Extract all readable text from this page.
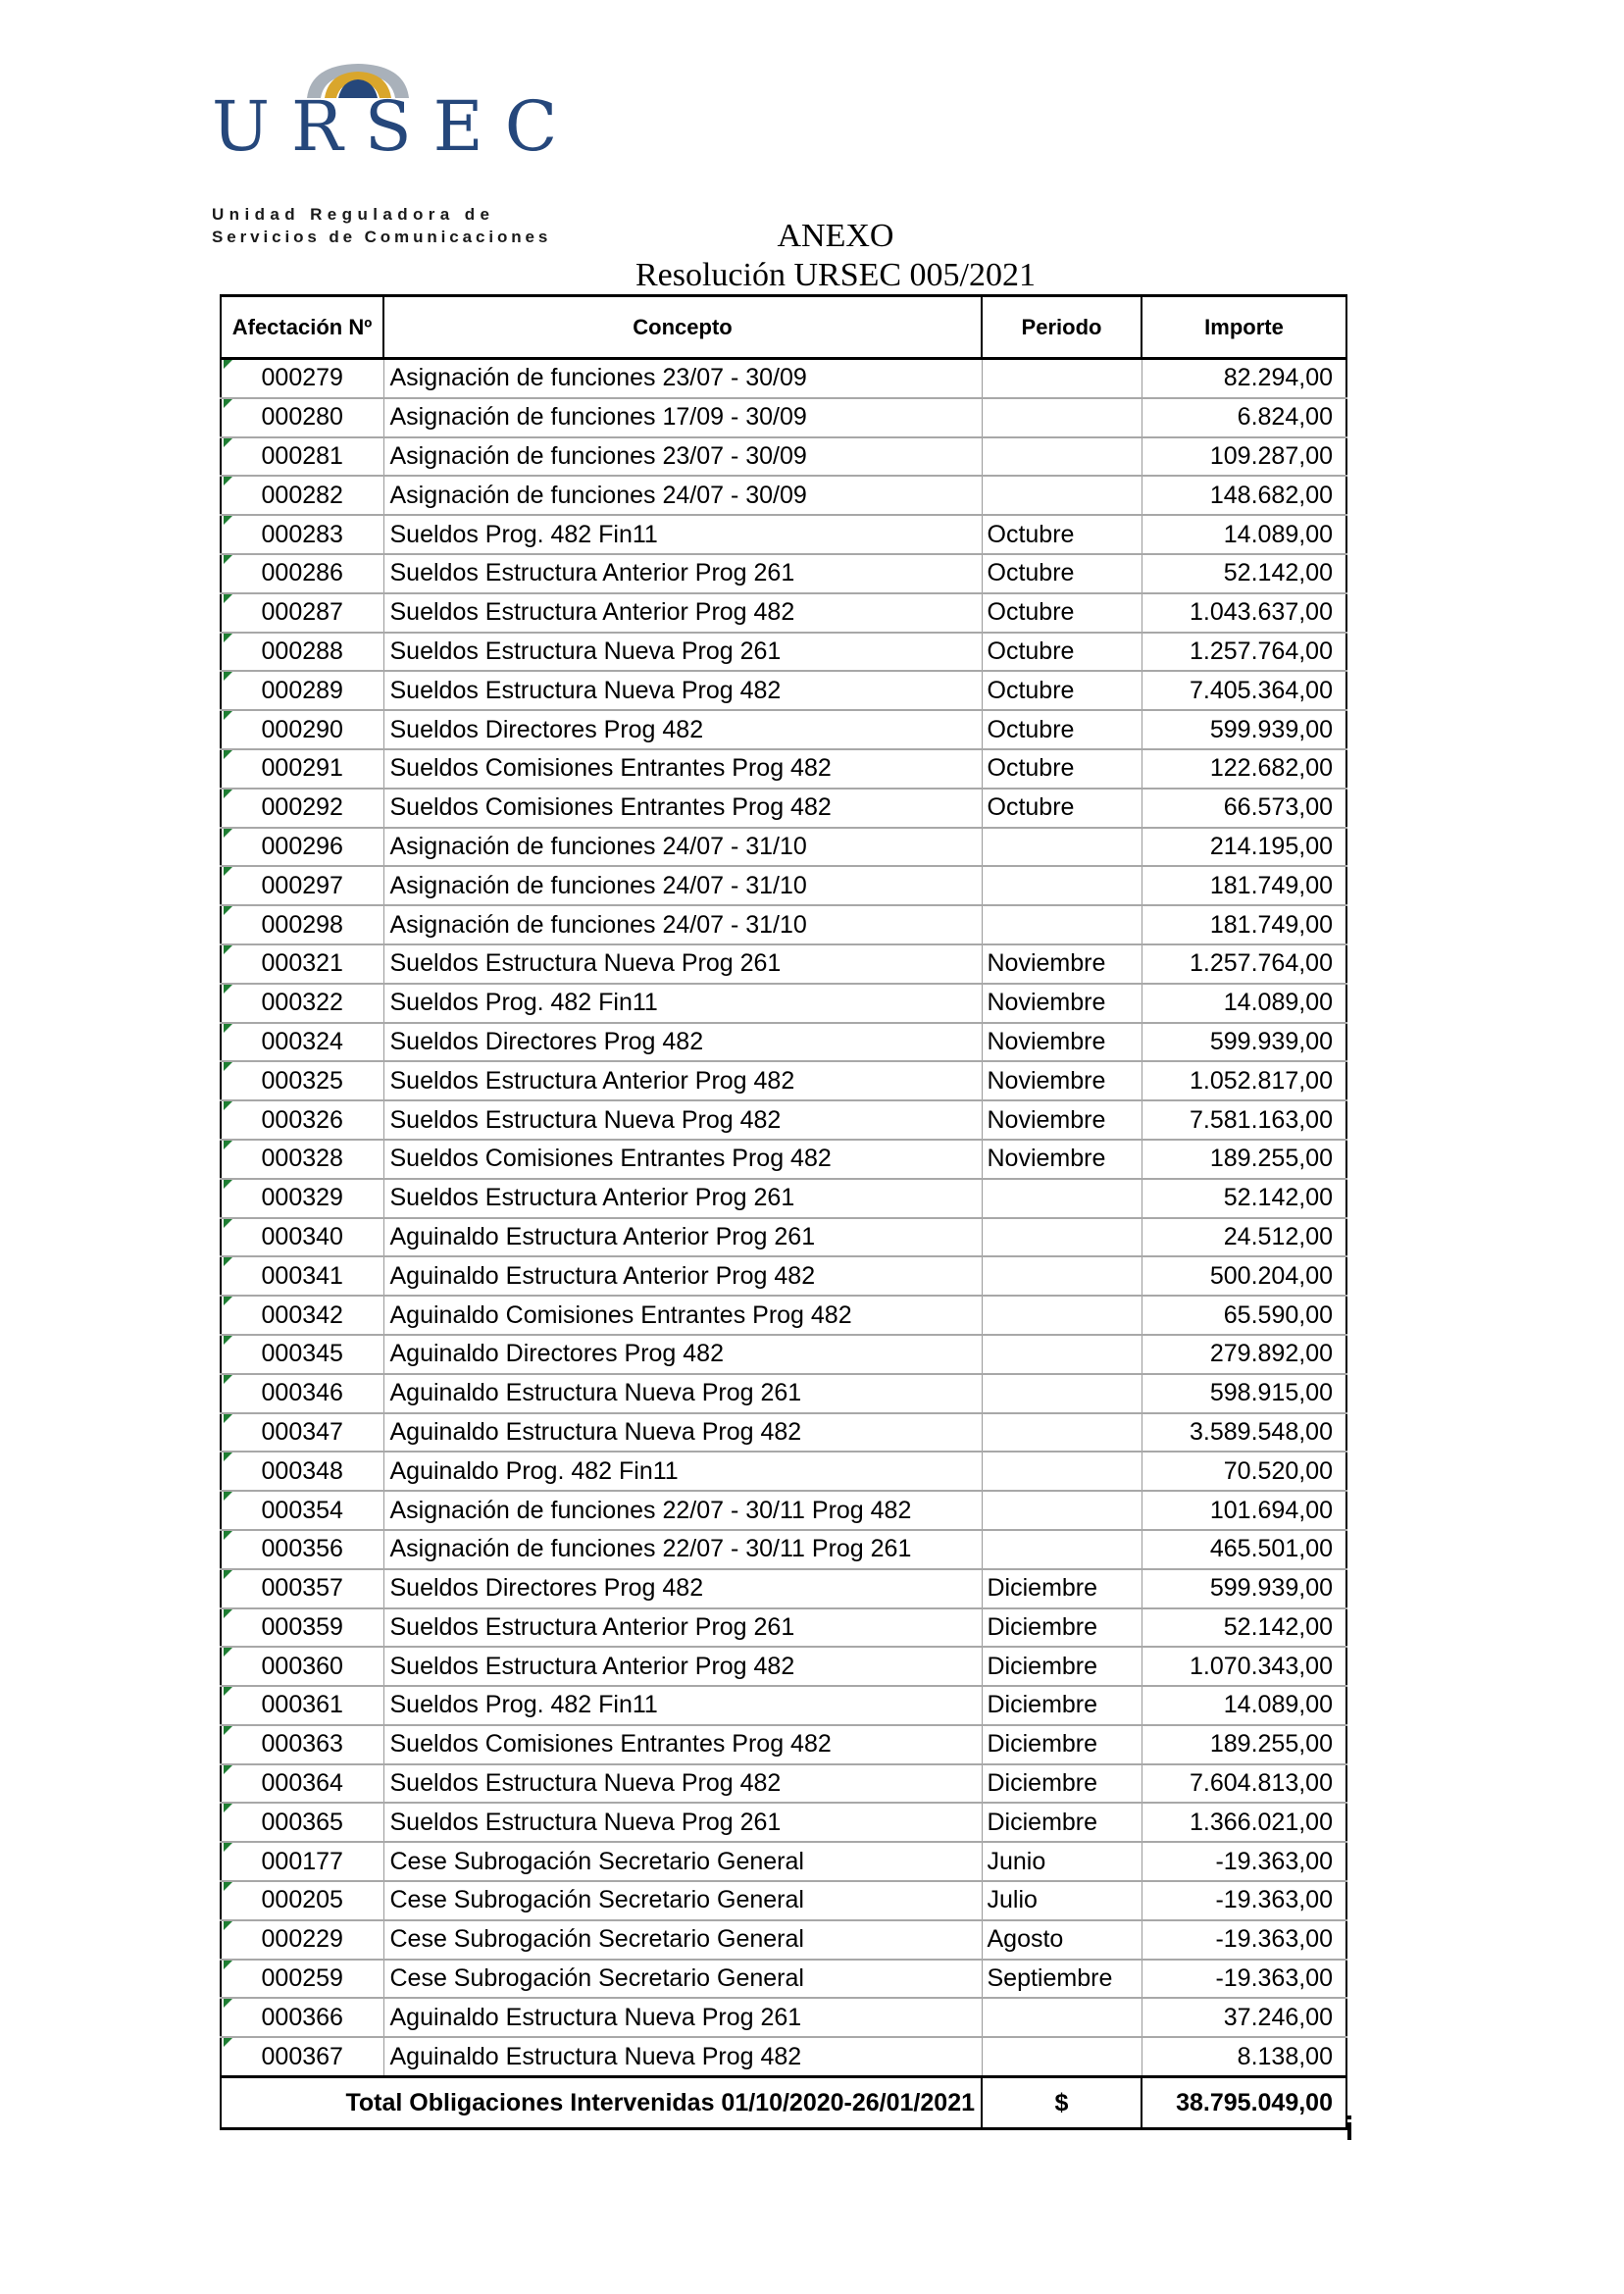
URSEC
Unidad Reguladora de
Servicios de Comunicaciones	ANEXO
Resolución URSEC 005/2021
Afectación Nº	Concepto	Periodo	Importe

000279	Asignación de funciones 23/07 - 30/09		82.294,00

000280	Asignación de funciones 17/09 - 30/09		6.824,00

000281	Asignación de funciones 23/07 - 30/09		109.287,00

000282	Asignación de funciones 24/07 - 30/09		148.682,00

000283	Sueldos Prog. 482 Fin11	Octubre	14.089,00

000286	Sueldos Estructura Anterior Prog 261	Octubre	52.142,00

000287	Sueldos Estructura Anterior Prog 482	Octubre	1.043.637,00

000288	Sueldos Estructura Nueva Prog 261	Octubre	1.257.764,00

000289	Sueldos Estructura Nueva Prog 482	Octubre	7.405.364,00

000290	Sueldos Directores Prog 482	Octubre	599.939,00

000291	Sueldos Comisiones Entrantes Prog 482	Octubre	122.682,00

000292	Sueldos Comisiones Entrantes Prog 482	Octubre	66.573,00

000296	Asignación de funciones 24/07 - 31/10		214.195,00

000297	Asignación de funciones 24/07 - 31/10		181.749,00

000298	Asignación de funciones 24/07 - 31/10		181.749,00

000321	Sueldos Estructura Nueva Prog 261	Noviembre	1.257.764,00

000322	Sueldos Prog. 482 Fin11	Noviembre	14.089,00

000324	Sueldos Directores Prog 482	Noviembre	599.939,00

000325	Sueldos Estructura Anterior Prog 482	Noviembre	1.052.817,00

000326	Sueldos Estructura Nueva Prog 482	Noviembre	7.581.163,00

000328	Sueldos Comisiones Entrantes Prog 482	Noviembre	189.255,00

000329	Sueldos Estructura Anterior Prog 261		52.142,00

000340	Aguinaldo Estructura Anterior Prog 261		24.512,00

000341	Aguinaldo Estructura Anterior Prog 482		500.204,00

000342	Aguinaldo Comisiones Entrantes Prog 482		65.590,00

000345	Aguinaldo Directores Prog 482		279.892,00

000346	Aguinaldo Estructura Nueva Prog 261		598.915,00

000347	Aguinaldo Estructura Nueva Prog 482		3.589.548,00

000348	Aguinaldo Prog. 482 Fin11		70.520,00

000354	Asignación de funciones 22/07 - 30/11 Prog 482		101.694,00

000356	Asignación de funciones 22/07 - 30/11 Prog 261		465.501,00

000357	Sueldos Directores Prog 482	Diciembre	599.939,00

000359	Sueldos Estructura Anterior Prog 261	Diciembre	52.142,00

000360	Sueldos Estructura Anterior Prog 482	Diciembre	1.070.343,00

000361	Sueldos Prog. 482 Fin11	Diciembre	14.089,00

000363	Sueldos Comisiones Entrantes Prog 482	Diciembre	189.255,00

000364	Sueldos Estructura Nueva Prog 482	Diciembre	7.604.813,00

000365	Sueldos Estructura Nueva Prog 261	Diciembre	1.366.021,00

000177	Cese Subrogación Secretario General	Junio	-19.363,00

000205	Cese Subrogación Secretario General	Julio	-19.363,00

000229	Cese Subrogación Secretario General	Agosto	-19.363,00

000259	Cese Subrogación Secretario General	Septiembre	-19.363,00

000366	Aguinaldo Estructura Nueva Prog 261		37.246,00

000367	Aguinaldo Estructura Nueva Prog 482		8.138,00
Total Obligaciones Intervenidas 01/10/2020-26/01/2021		$	38.795.049,00
